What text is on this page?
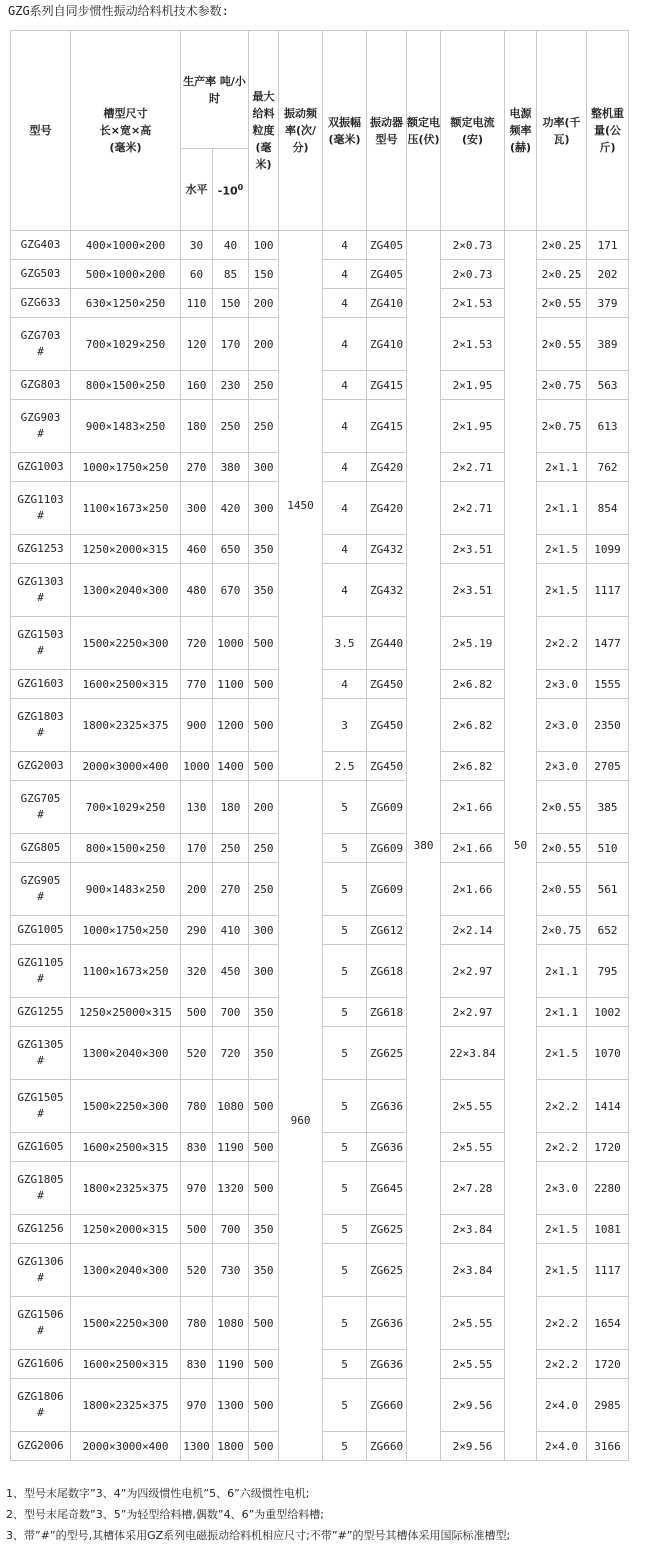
GZG系列自同步惯性振动给料机技术参数:
型号	槽型尺寸
长×宽×高
(毫米)	生产率 吨/小时		最大给料粒度(毫米)	振动频率(次/分)	双振幅(毫米)	振动器型号	额定电压(伏)	额定电流(安)	电源频率(赫)	功率(千瓦)	整机重量(公斤)
		水平	$-10^0$
GZG403	400×1000×200	30	40	100	1450	4	ZG405	380	2×0.73	50	2×0.25	171
GZG503	500×1000×200	60	85	150		4	ZG405		2×0.73		2×0.25	202
GZG633	630×1250×250	110	150	200		4	ZG410		2×1.53		2×0.55	379
GZG703
#	700×1029×250	120	170	200		4	ZG410		2×1.53		2×0.55	389
GZG803	800×1500×250	160	230	250		4	ZG415		2×1.95		2×0.75	563
GZG903
#	900×1483×250	180	250	250		4	ZG415		2×1.95		2×0.75	613
GZG1003	1000×1750×250	270	380	300		4	ZG420		2×2.71		2×1.1	762
GZG1103
#	1100×1673×250	300	420	300		4	ZG420		2×2.71		2×1.1	854
GZG1253	1250×2000×315	460	650	350		4	ZG432		2×3.51		2×1.5	1099
GZG1303
#	1300×2040×300	480	670	350		4	ZG432		2×3.51		2×1.5	1117
GZG1503
#	1500×2250×300	720	1000	500		3.5	ZG440		2×5.19		2×2.2	1477
GZG1603	1600×2500×315	770	1100	500		4	ZG450		2×6.82		2×3.0	1555
GZG1803
#	1800×2325×375	900	1200	500		3	ZG450		2×6.82		2×3.0	2350
GZG2003	2000×3000×400	1000	1400	500		2.5	ZG450		2×6.82		2×3.0	2705
GZG705
#	700×1029×250	130	180	200	960	5	ZG609		2×1.66		2×0.55	385
GZG805	800×1500×250	170	250	250		5	ZG609		2×1.66		2×0.55	510
GZG905
#	900×1483×250	200	270	250		5	ZG609		2×1.66		2×0.55	561
GZG1005	1000×1750×250	290	410	300		5	ZG612		2×2.14		2×0.75	652
GZG1105
#	1100×1673×250	320	450	300		5	ZG618		2×2.97		2×1.1	795
GZG1255	1250×25000×315	500	700	350		5	ZG618		2×2.97		2×1.1	1002
GZG1305
#	1300×2040×300	520	720	350		5	ZG625		22×3.84		2×1.5	1070
GZG1505
#	1500×2250×300	780	1080	500		5	ZG636		2×5.55		2×2.2	1414
GZG1605	1600×2500×315	830	1190	500		5	ZG636		2×5.55		2×2.2	1720
GZG1805
#	1800×2325×375	970	1320	500		5	ZG645		2×7.28		2×3.0	2280
GZG1256	1250×2000×315	500	700	350		5	ZG625		2×3.84		2×1.5	1081
GZG1306
#	1300×2040×300	520	730	350		5	ZG625		2×3.84		2×1.5	1117
GZG1506
#	1500×2250×300	780	1080	500		5	ZG636		2×5.55		2×2.2	1654
GZG1606	1600×2500×315	830	1190	500		5	ZG636		2×5.55		2×2.2	1720
GZG1806
#	1800×2325×375	970	1300	500		5	ZG660		2×9.56		2×4.0	2985
GZG2006	2000×3000×400	1300	1800	500		5	ZG660		2×9.56		2×4.0	3166
1、型号末尾数字”3、4”为四级惯性电机”5、6”六级惯性电机;
2、型号末尾奇数”3、5”为轻型给料槽,偶数”4、6”为重型给料槽;
3、带”#”的型号,其槽体采用GZ系列电磁振动给料机相应尺寸;不带”#”的型号其槽体采用国际标准槽型;
